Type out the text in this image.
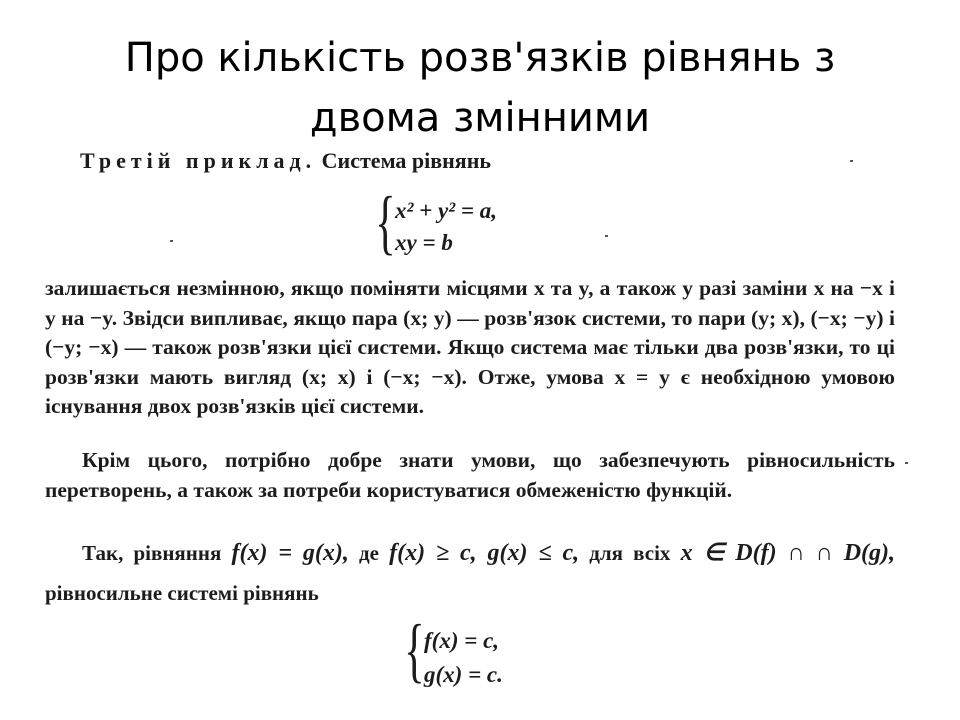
Про кількість розв'язків рівнянь з
двома змінними
Третій приклад. Система рівнянь
{ x² + y² = a,
xy = b
залишається незмінною, якщо поміняти місцями x та y, а також у разі заміни x на −x і y на −y. Звідси випливає, якщо пара (x; y) — розв'язок системи, то пари (y; x), (−x; −y) і (−y; −x) — також розв'язки цієї системи. Якщо система має тільки два розв'язки, то ці розв'язки мають вигляд (x; x) і (−x; −x). Отже, умова x = y є необхідною умовою існування двох розв'язків цієї системи.
Крім цього, потрібно добре знати умови, що забезпечують рівносильність перетворень, а також за потреби користуватися обмеженістю функцій.
Так, рівняння f(x) = g(x), де f(x) ≥ c, g(x) ≤ c, для всіх x ∈ D(f) ∩ ∩ D(g), рівносильне системі рівнянь
{ f(x) = c,
g(x) = c.
